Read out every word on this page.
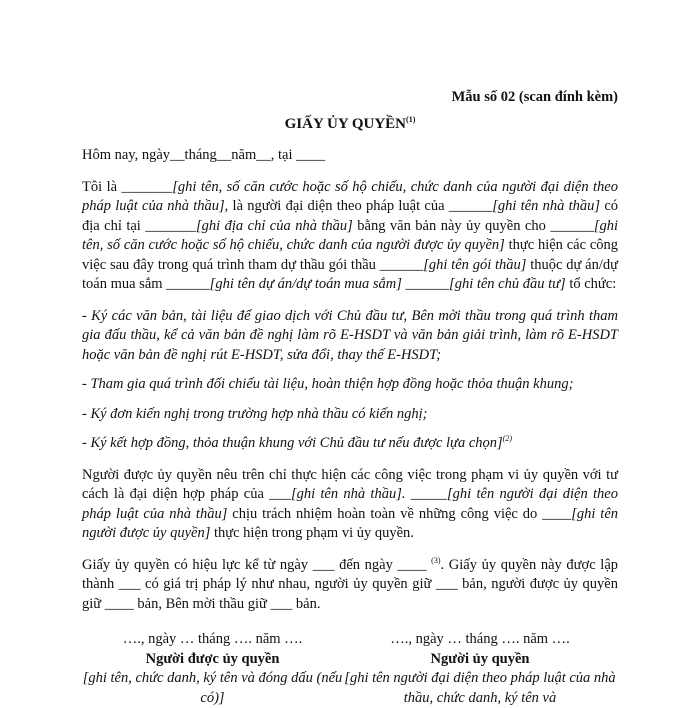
Mẫu số 02 (scan đính kèm)
GIẤY ỦY QUYỀN$^{(1)}$

Hôm nay, ngày__tháng__năm__, tại ____

Tôi là _______[ghi tên, số căn cước hoặc số hộ chiếu, chức danh của người đại diện theo pháp luật của nhà thầu], là người đại diện theo pháp luật của ______[ghi tên nhà thầu] có địa chỉ tại _______[ghi địa chỉ của nhà thầu] bằng văn bản này ủy quyền cho ______[ghi tên, số căn cước hoặc số hộ chiếu, chức danh của người được ủy quyền] thực hiện các công việc sau đây trong quá trình tham dự thầu gói thầu ______[ghi tên gói thầu] thuộc dự án/dự toán mua sắm ______[ghi tên dự án/dự toán mua sắm] ______[ghi tên chủ đầu tư] tổ chức:

- Ký các văn bản, tài liệu để giao dịch với Chủ đầu tư, Bên mời thầu trong quá trình tham gia đấu thầu, kể cả văn bản đề nghị làm rõ E-HSDT và văn bản giải trình, làm rõ E-HSDT hoặc văn bản đề nghị rút E-HSDT, sửa đổi, thay thế E-HSDT;

- Tham gia quá trình đối chiếu tài liệu, hoàn thiện hợp đồng hoặc thỏa thuận khung;

- Ký đơn kiến nghị trong trường hợp nhà thầu có kiến nghị;

- Ký kết hợp đồng, thỏa thuận khung với Chủ đầu tư nếu được lựa chọn]$^{(2)}$

Người được ủy quyền nêu trên chỉ thực hiện các công việc trong phạm vi ủy quyền với tư cách là đại diện hợp pháp của ___[ghi tên nhà thầu]. _____[ghi tên người đại diện theo pháp luật của nhà thầu] chịu trách nhiệm hoàn toàn về những công việc do ____[ghi tên người được ủy quyền] thực hiện trong phạm vi ủy quyền.

Giấy ủy quyền có hiệu lực kể từ ngày ___ đến ngày ____ $^{(3)}$. Giấy ủy quyền này được lập thành ___ có giá trị pháp lý như nhau, người ủy quyền giữ ___ bản, người được ủy quyền giữ ____ bản, Bên mời thầu giữ ___ bản.

…., ngày … tháng …. năm ….
Người được ủy quyền
[ghi tên, chức danh, ký tên và đóng dấu (nếu có)]
…., ngày … tháng …. năm ….
Người ủy quyền
[ghi tên người đại diện theo pháp luật của nhà thầu, chức danh, ký tên và
